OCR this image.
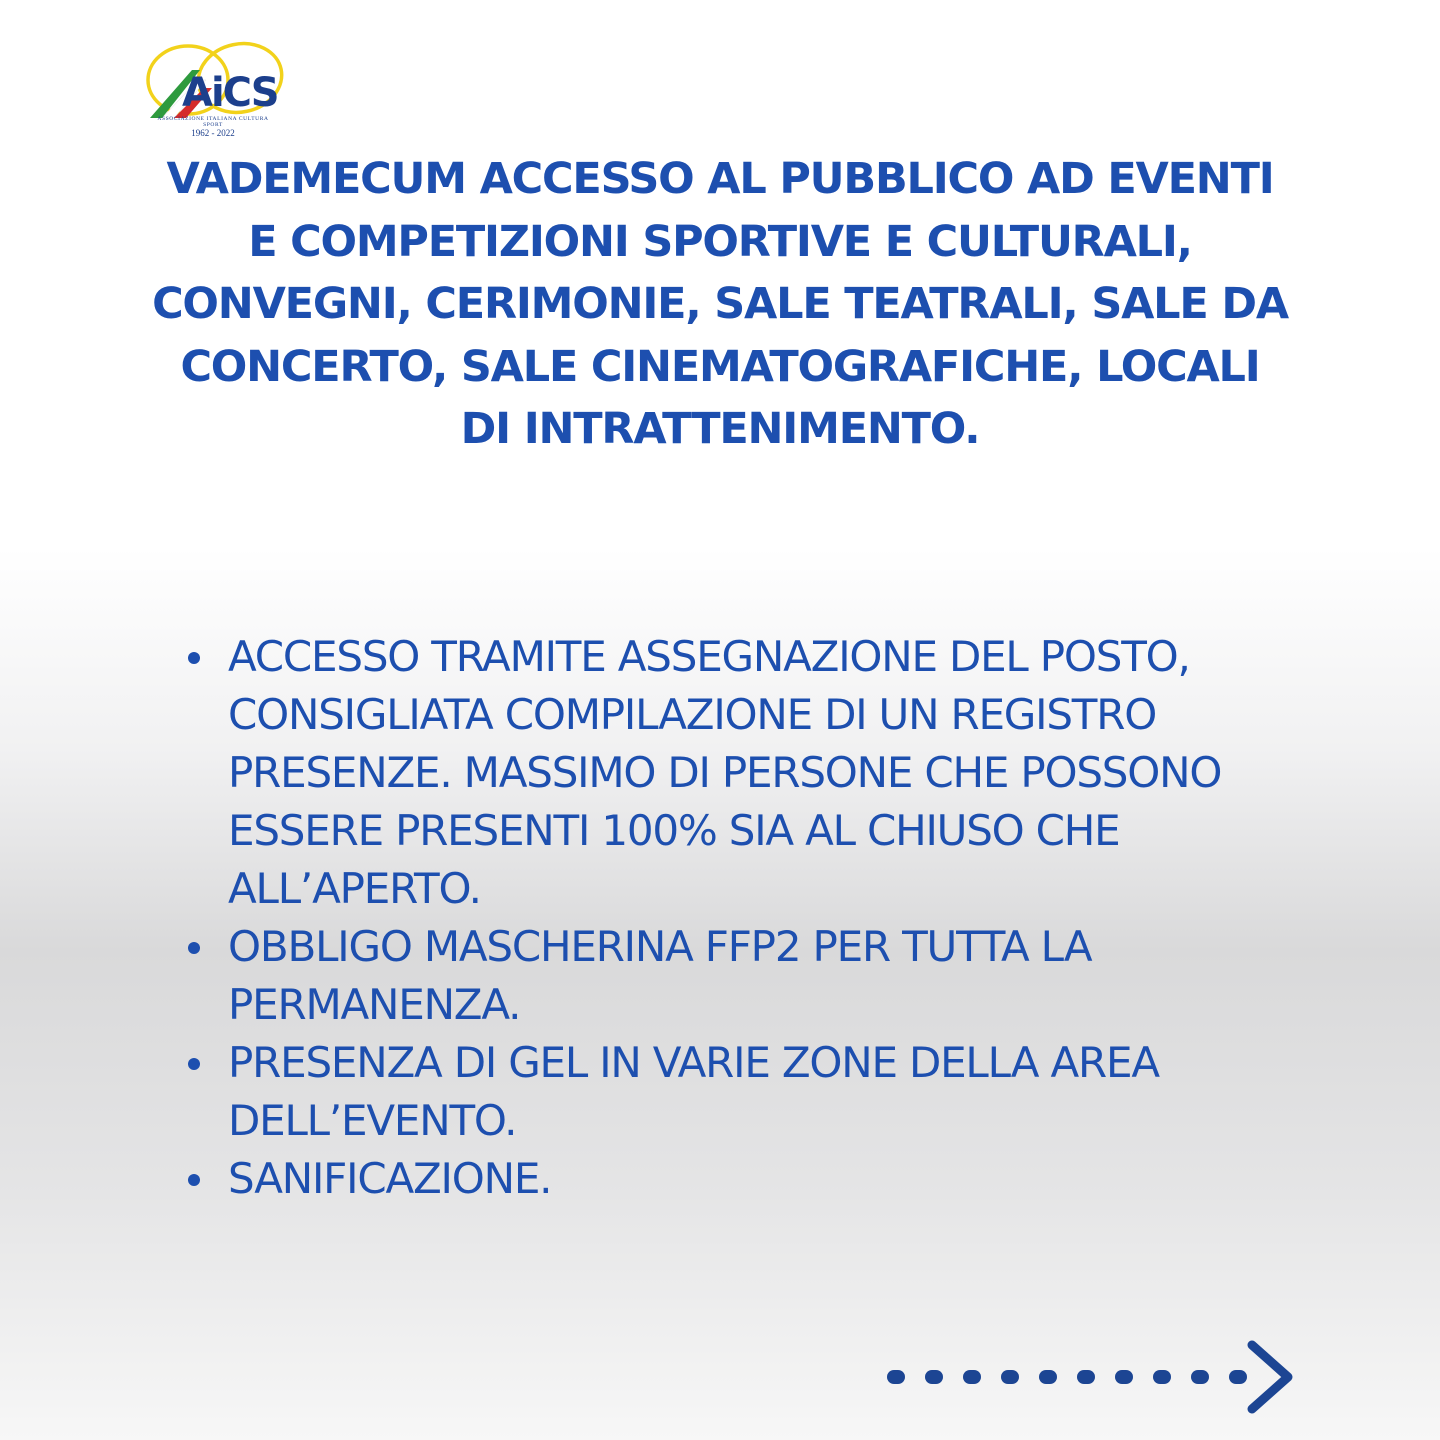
AiCS
ASSOCIAZIONE ITALIANA CULTURA SPORT
1962 - 2022
VADEMECUM ACCESSO AL PUBBLICO AD EVENTI E COMPETIZIONI SPORTIVE E CULTURALI, CONVEGNI, CERIMONIE, SALE TEATRALI, SALE DA CONCERTO, SALE CINEMATOGRAFICHE, LOCALI DI INTRATTENIMENTO.
ACCESSO TRAMITE ASSEGNAZIONE DEL POSTO, CONSIGLIATA COMPILAZIONE DI UN REGISTRO PRESENZE. MASSIMO DI PERSONE CHE POSSONO ESSERE PRESENTI 100% SIA AL CHIUSO CHE ALL’APERTO.
OBBLIGO MASCHERINA FFP2 PER TUTTA LA PERMANENZA.
PRESENZA DI GEL IN VARIE ZONE DELLA AREA DELL’EVENTO.
SANIFICAZIONE.
